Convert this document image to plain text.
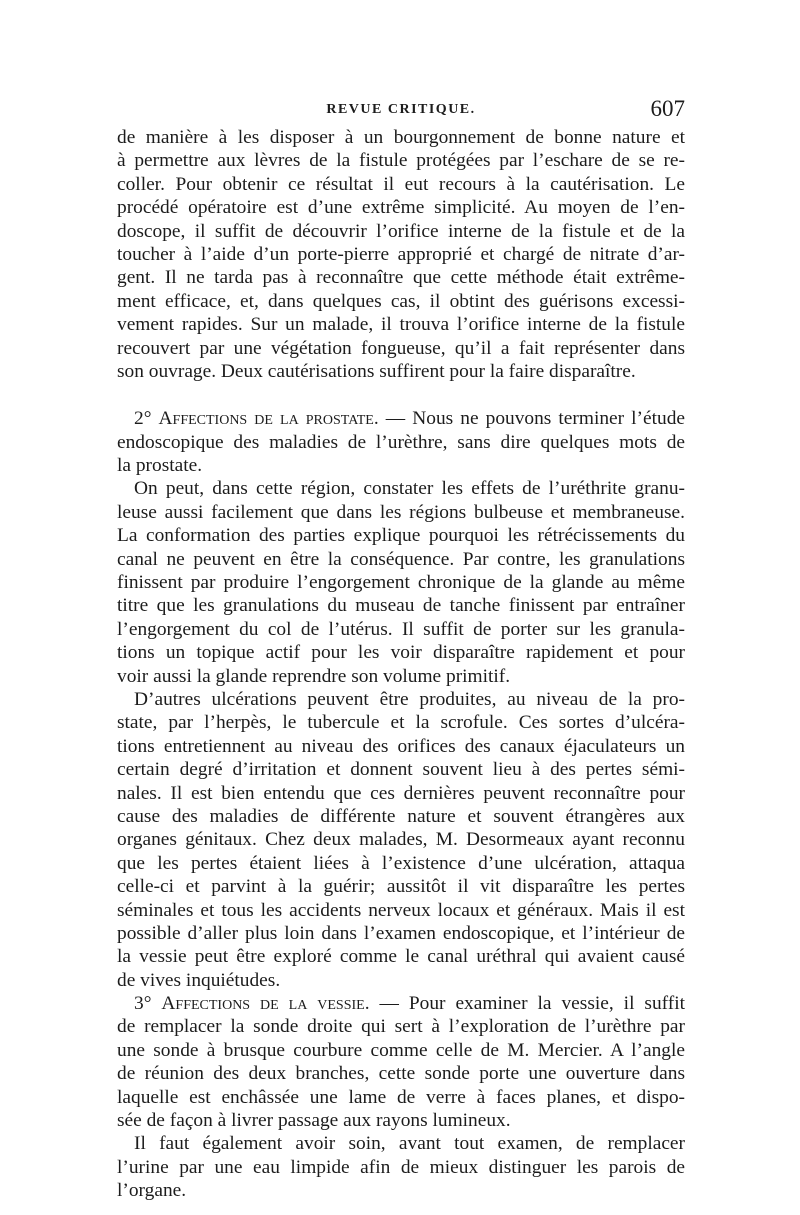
REVUE CRITIQUE.	607
de manière à les disposer à un bourgonnement de bonne nature et
à permettre aux lèvres de la fistule protégées par l’eschare de se re-
coller. Pour obtenir ce résultat il eut recours à la cautérisation. Le
procédé opératoire est d’une extrême simplicité. Au moyen de l’en-
doscope, il suffit de découvrir l’orifice interne de la fistule et de la
toucher à l’aide d’un porte-pierre approprié et chargé de nitrate d’ar-
gent. Il ne tarda pas à reconnaître que cette méthode était extrême-
ment efficace, et, dans quelques cas, il obtint des guérisons excessi-
vement rapides. Sur un malade, il trouva l’orifice interne de la fistule
recouvert par une végétation fongueuse, qu’il a fait représenter dans
son ouvrage. Deux cautérisations suffirent pour la faire disparaître.
2° Affections de la prostate. — Nous ne pouvons terminer l’étude
endoscopique des maladies de l’urèthre, sans dire quelques mots de
la prostate.
On peut, dans cette région, constater les effets de l’uréthrite granu-
leuse aussi facilement que dans les régions bulbeuse et membraneuse.
La conformation des parties explique pourquoi les rétrécissements du
canal ne peuvent en être la conséquence. Par contre, les granulations
finissent par produire l’engorgement chronique de la glande au même
titre que les granulations du museau de tanche finissent par entraîner
l’engorgement du col de l’utérus. Il suffit de porter sur les granula-
tions un topique actif pour les voir disparaître rapidement et pour
voir aussi la glande reprendre son volume primitif.
D’autres ulcérations peuvent être produites, au niveau de la pro-
state, par l’herpès, le tubercule et la scrofule. Ces sortes d’ulcéra-
tions entretiennent au niveau des orifices des canaux éjaculateurs un
certain degré d’irritation et donnent souvent lieu à des pertes sémi-
nales. Il est bien entendu que ces dernières peuvent reconnaître pour
cause des maladies de différente nature et souvent étrangères aux
organes génitaux. Chez deux malades, M. Desormeaux ayant reconnu
que les pertes étaient liées à l’existence d’une ulcération, attaqua
celle-ci et parvint à la guérir; aussitôt il vit disparaître les pertes
séminales et tous les accidents nerveux locaux et généraux. Mais il est
possible d’aller plus loin dans l’examen endoscopique, et l’intérieur de
la vessie peut être exploré comme le canal uréthral qui avaient causé
de vives inquiétudes.
3° Affections de la vessie. — Pour examiner la vessie, il suffit
de remplacer la sonde droite qui sert à l’exploration de l’urèthre par
une sonde à brusque courbure comme celle de M. Mercier. A l’angle
de réunion des deux branches, cette sonde porte une ouverture dans
laquelle est enchâssée une lame de verre à faces planes, et dispo-
sée de façon à livrer passage aux rayons lumineux.
Il faut également avoir soin, avant tout examen, de remplacer
l’urine par une eau limpide afin de mieux distinguer les parois de
l’organe.
